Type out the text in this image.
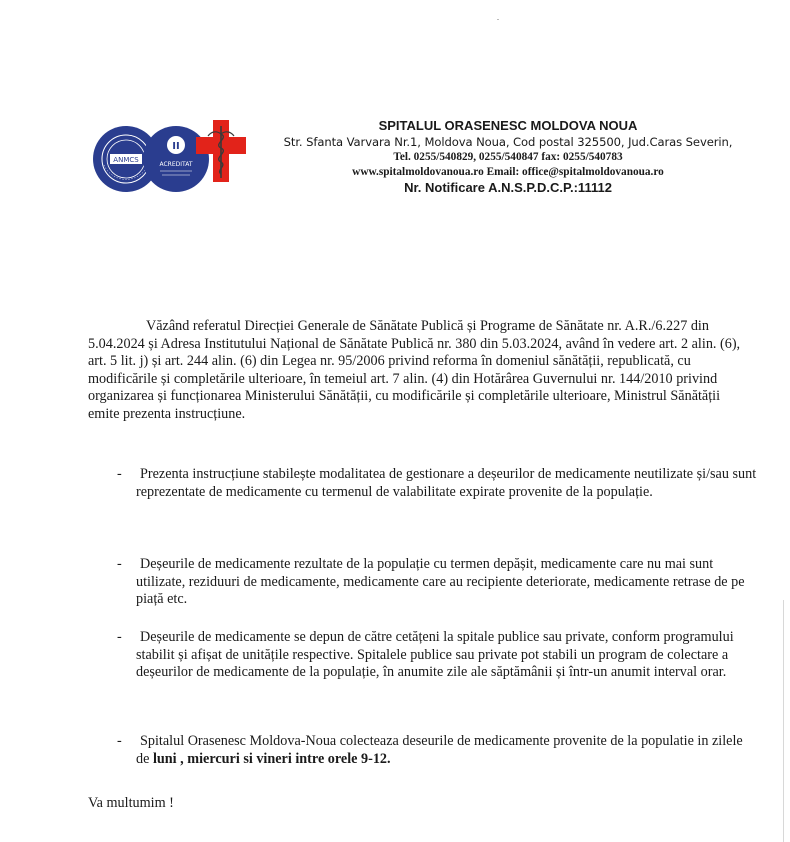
ANMCS
II
ACREDITAT
SPITALUL ORASENESC MOLDOVA NOUA
Str. Sfanta Varvara Nr.1, Moldova Noua, Cod postal 325500, Jud.Caras Severin,
Tel. 0255/540829, 0255/540847 fax: 0255/540783
www.spitalmoldovanoua.ro Email: office@spitalmoldovanoua.ro
Nr. Notificare A.N.S.P.D.C.P.:11112
Văzând referatul Direcției Generale de Sănătate Publică și Programe de Sănătate nr. A.R./6.227 din 5.04.2024 și Adresa Institutului Național de Sănătate Publică nr. 380 din 5.03.2024, având în vedere art. 2 alin. (6), art. 5 lit. j) și art. 244 alin. (6) din Legea nr. 95/2006 privind reforma în domeniul sănătății, republicată, cu modificările și completările ulterioare, în temeiul art. 7 alin. (4) din Hotărârea Guvernului nr. 144/2010 privind organizarea și funcționarea Ministerului Sănătății, cu modificările și completările ulterioare, Ministrul Sănătății emite prezenta instrucțiune.
-	Prezenta instrucțiune stabilește modalitatea de gestionare a deșeurilor de medicamente neutilizate și/sau sunt reprezentate de medicamente cu termenul de valabilitate expirate provenite de la populație.
-	Deșeurile de medicamente rezultate de la populație cu termen depășit, medicamente care nu mai sunt utilizate, reziduuri de medicamente, medicamente care au recipiente deteriorate, medicamente retrase de pe piață etc.
-	Deșeurile de medicamente se depun de către cetățeni la spitale publice sau private, conform programului stabilit și afișat de unitățile respective. Spitalele publice sau private pot stabili un program de colectare a deșeurilor de medicamente de la populație, în anumite zile ale săptămânii și într-un anumit interval orar.
-	Spitalul Orasenesc Moldova-Noua colecteaza deseurile de medicamente provenite de la populatie in zilele de luni , miercuri si vineri intre orele 9-12.
Va multumim !
